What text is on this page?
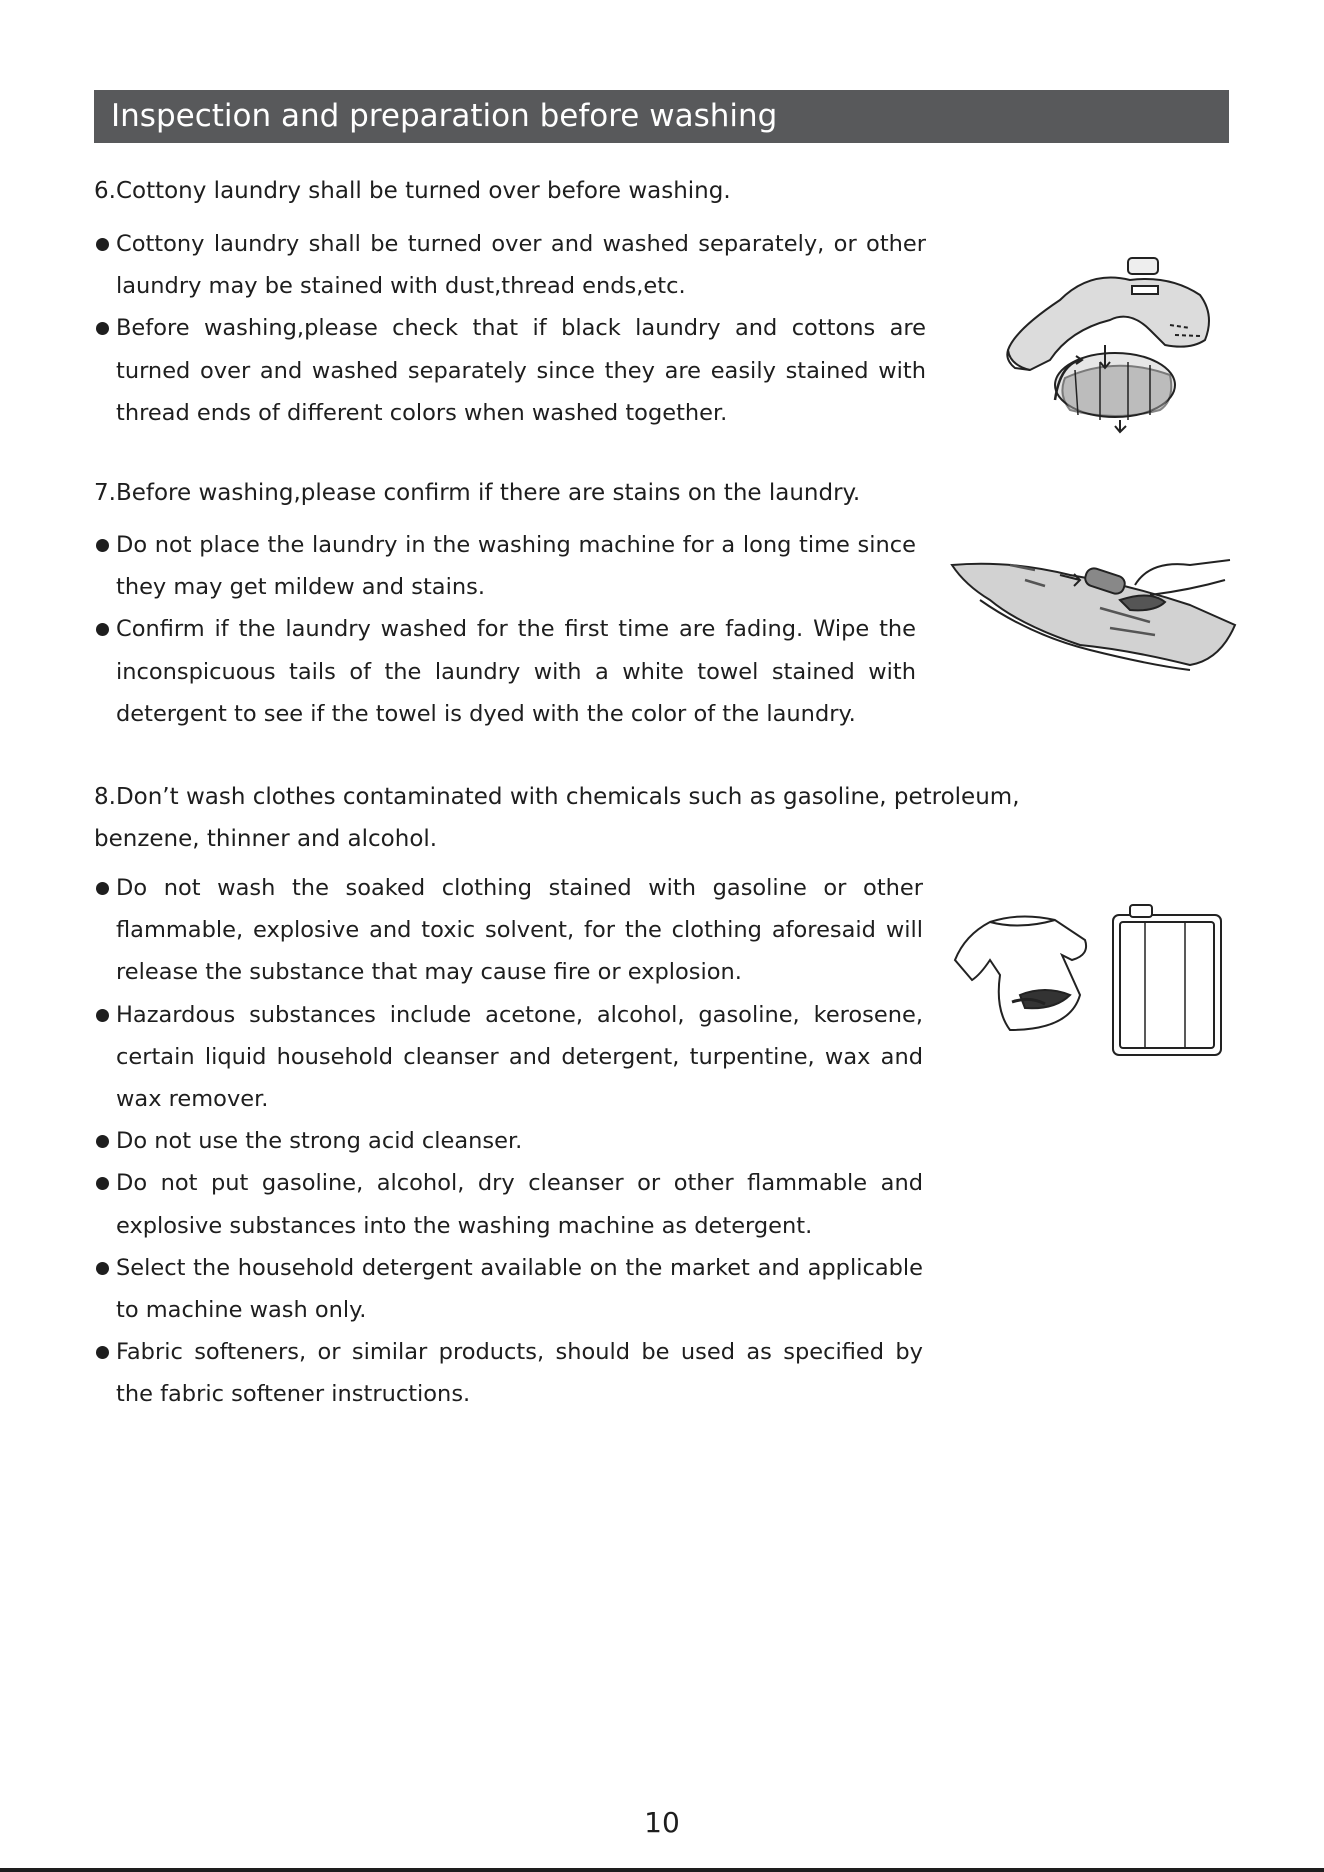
Inspection and preparation before washing
6.Cottony laundry shall be turned over before washing.
Cottony laundry shall be turned over and washed separately, or other laundry may be stained with dust,thread ends,etc.
Before washing,please check that if black laundry and cottons are turned over and washed separately since they are easily stained with thread ends of different colors when washed together.
7.Before washing,please confirm if there are stains on the laundry.
Do not place the laundry in the washing machine for a long time since they may get mildew and stains.
Confirm if the laundry washed for the first time are fading. Wipe the inconspicuous tails of the laundry with a white towel stained with detergent to see if the towel is dyed with the color of the laundry.
8.Don’t wash clothes contaminated with chemicals such as gasoline, petroleum, benzene, thinner and alcohol.
Do not wash the soaked clothing stained with gasoline or other flammable, explosive and toxic solvent, for the clothing aforesaid will release the substance that may cause fire or explosion.
Hazardous substances include acetone, alcohol, gasoline, kerosene, certain liquid household cleanser and detergent, turpentine, wax and wax remover.
Do not use the strong acid cleanser.
Do not put gasoline, alcohol, dry cleanser or other flammable and explosive substances into the washing machine as detergent.
Select the household detergent available on the market and applicable to machine wash only.
Fabric softeners, or similar products, should be used as specified by the fabric softener instructions.
10
